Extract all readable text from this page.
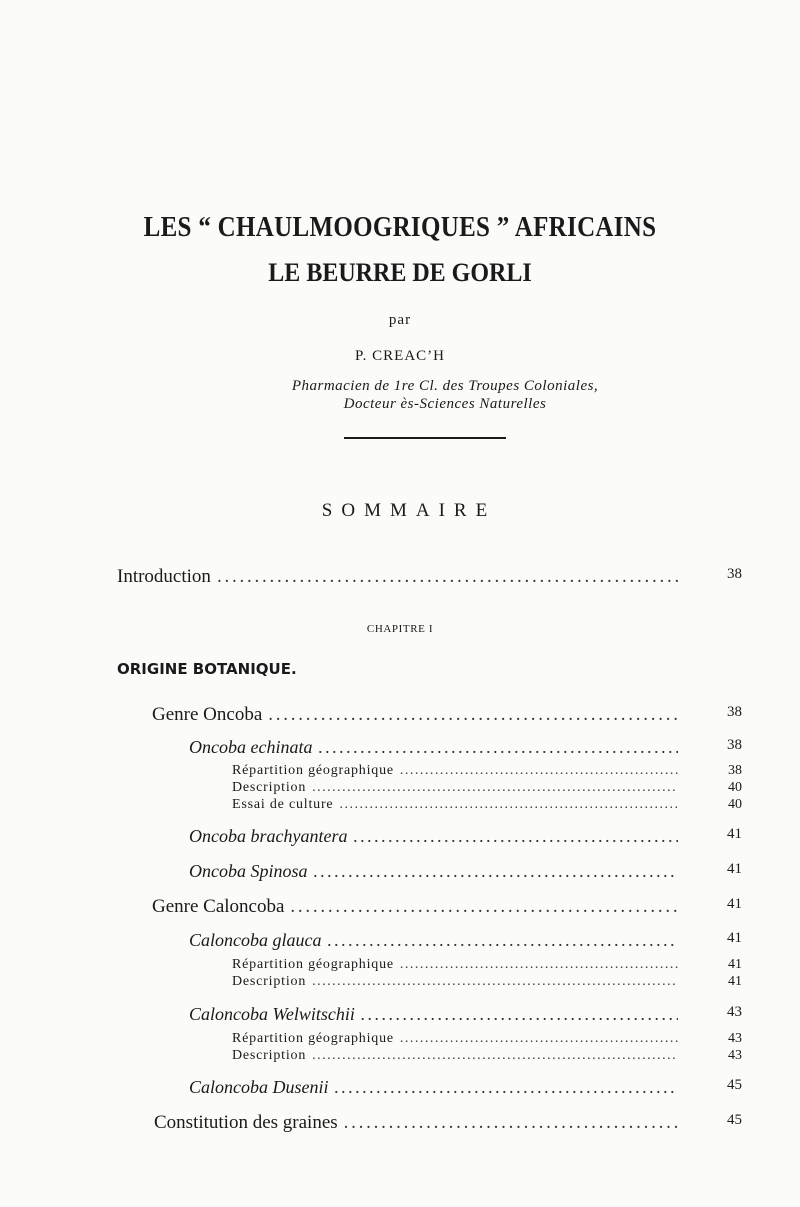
LES “ CHAULMOOGRIQUES ” AFRICAINS
LE BEURRE DE GORLI
par
P. CREAC’H
Pharmacien de 1re Cl. des Troupes Coloniales,
Docteur ès-Sciences Naturelles
SOMMAIRE
Introduction . . .	38
CHAPITRE I
ORIGINE BOTANIQUE.
Genre Oncoba . . .	38
Oncoba echinata . . .	38
Répartition géographique . . .	38
Description . . .	40
Essai de culture . . .	40
Oncoba brachyantera . . .	41
Oncoba Spinosa . . .	41
Genre Caloncoba . . .	41
Caloncoba glauca . . .	41
Répartition géographique . . .	41
Description . . .	41
Caloncoba Welwitschii . . .	43
Répartition géographique . . .	43
Description . . .	43
Caloncoba Dusenii . . .	45
Constitution des graines . . .	45
